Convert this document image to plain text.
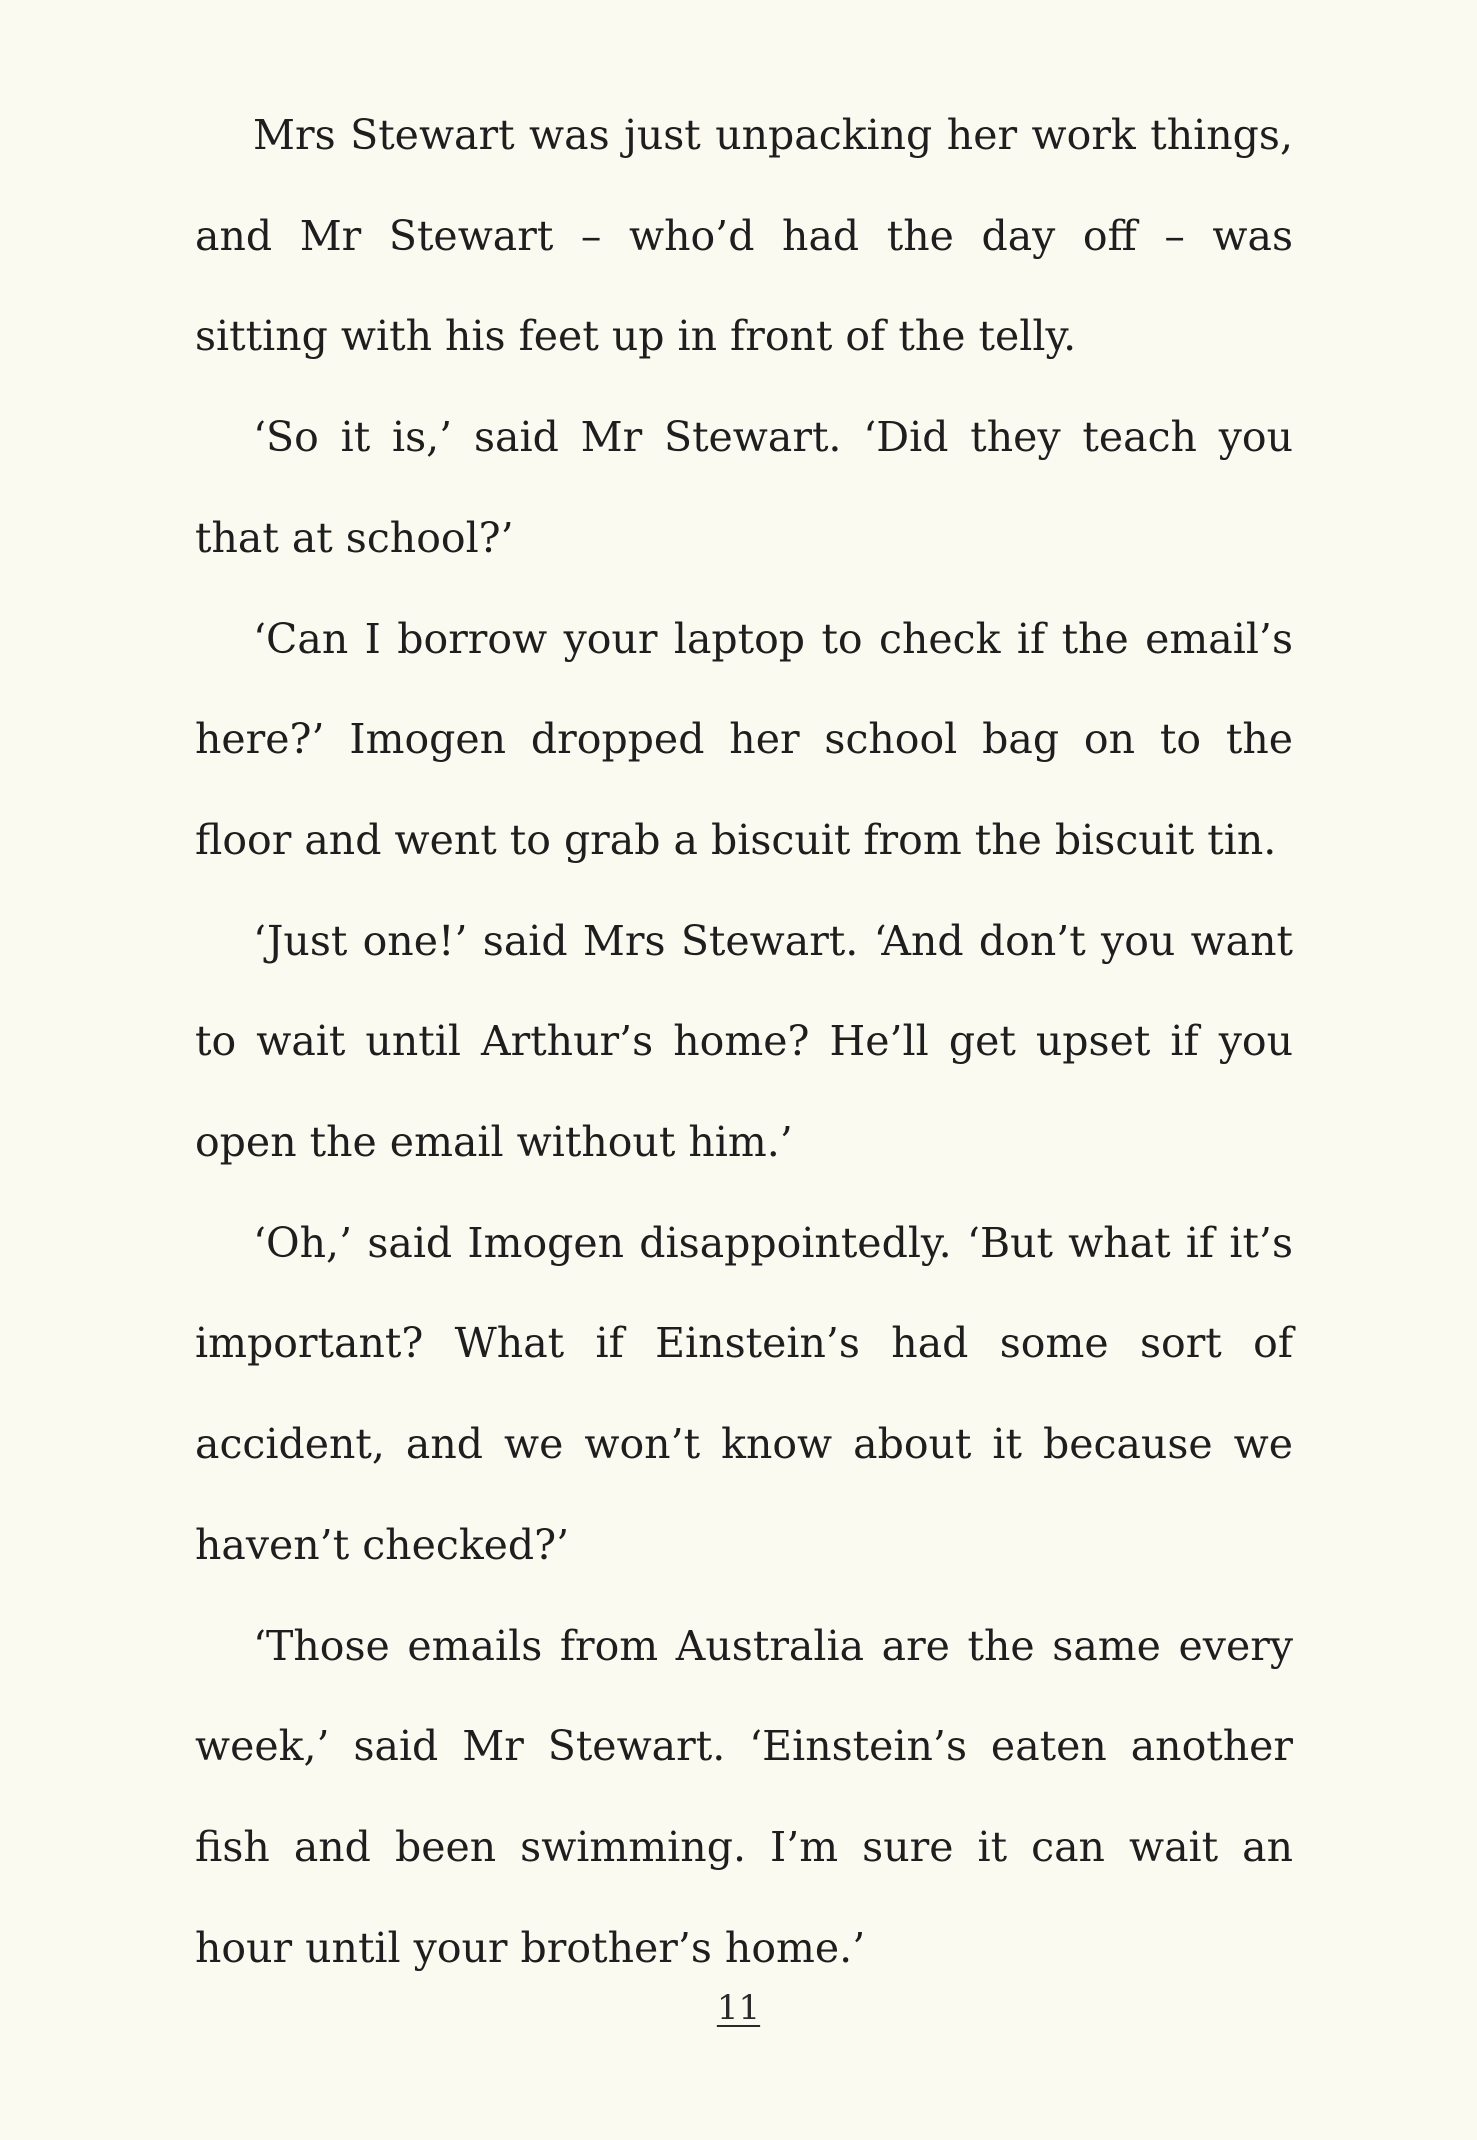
Mrs Stewart was just unpacking her work things, and Mr Stewart – who’d had the day off – was sitting with his feet up in front of the telly.

‘So it is,’ said Mr Stewart. ‘Did they teach you that at school?’

‘Can I borrow your laptop to check if the email’s here?’ Imogen dropped her school bag on to the floor and went to grab a biscuit from the biscuit tin.

‘Just one!’ said Mrs Stewart. ‘And don’t you want to wait until Arthur’s home? He’ll get upset if you open the email without him.’

‘Oh,’ said Imogen disappointedly. ‘But what if it’s important? What if Einstein’s had some sort of accident, and we won’t know about it because we haven’t checked?’

‘Those emails from Australia are the same every week,’ said Mr Stewart. ‘Einstein’s eaten another fish and been swimming. I’m sure it can wait an hour until your brother’s home.’

11
